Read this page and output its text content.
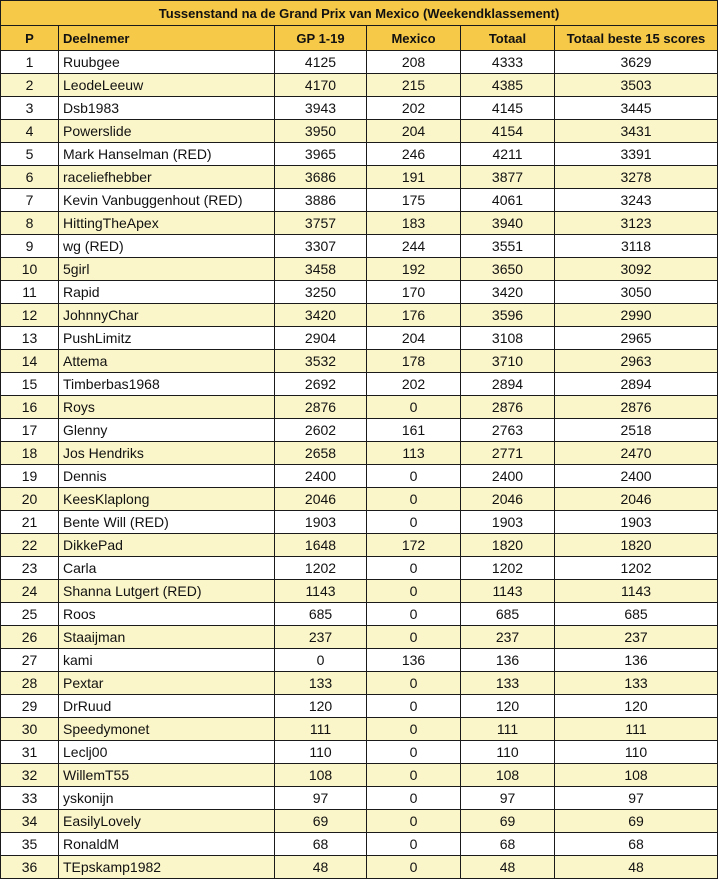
Tussenstand na de Grand Prix van Mexico (Weekendklassement)					
P	Deelnemer	GP 1-19	Mexico	Totaal	Totaal beste 15 scores
1	Ruubgee	4125	208	4333	3629
2	LeodeLeeuw	4170	215	4385	3503
3	Dsb1983	3943	202	4145	3445
4	Powerslide	3950	204	4154	3431
5	Mark Hanselman (RED)	3965	246	4211	3391
6	raceliefhebber	3686	191	3877	3278
7	Kevin Vanbuggenhout (RED)	3886	175	4061	3243
8	HittingTheApex	3757	183	3940	3123
9	wg (RED)	3307	244	3551	3118
10	5girl	3458	192	3650	3092
11	Rapid	3250	170	3420	3050
12	JohnnyChar	3420	176	3596	2990
13	PushLimitz	2904	204	3108	2965
14	Attema	3532	178	3710	2963
15	Timberbas1968	2692	202	2894	2894
16	Roys	2876	0	2876	2876
17	Glenny	2602	161	2763	2518
18	Jos Hendriks	2658	113	2771	2470
19	Dennis	2400	0	2400	2400
20	KeesKlaplong	2046	0	2046	2046
21	Bente Will (RED)	1903	0	1903	1903
22	DikkePad	1648	172	1820	1820
23	Carla	1202	0	1202	1202
24	Shanna Lutgert (RED)	1143	0	1143	1143
25	Roos	685	0	685	685
26	Staaijman	237	0	237	237
27	kami	0	136	136	136
28	Pextar	133	0	133	133
29	DrRuud	120	0	120	120
30	Speedymonet	111	0	111	111
31	Leclj00	110	0	110	110
32	WillemT55	108	0	108	108
33	yskonijn	97	0	97	97
34	EasilyLovely	69	0	69	69
35	RonaldM	68	0	68	68
36	TEpskamp1982	48	0	48	48
